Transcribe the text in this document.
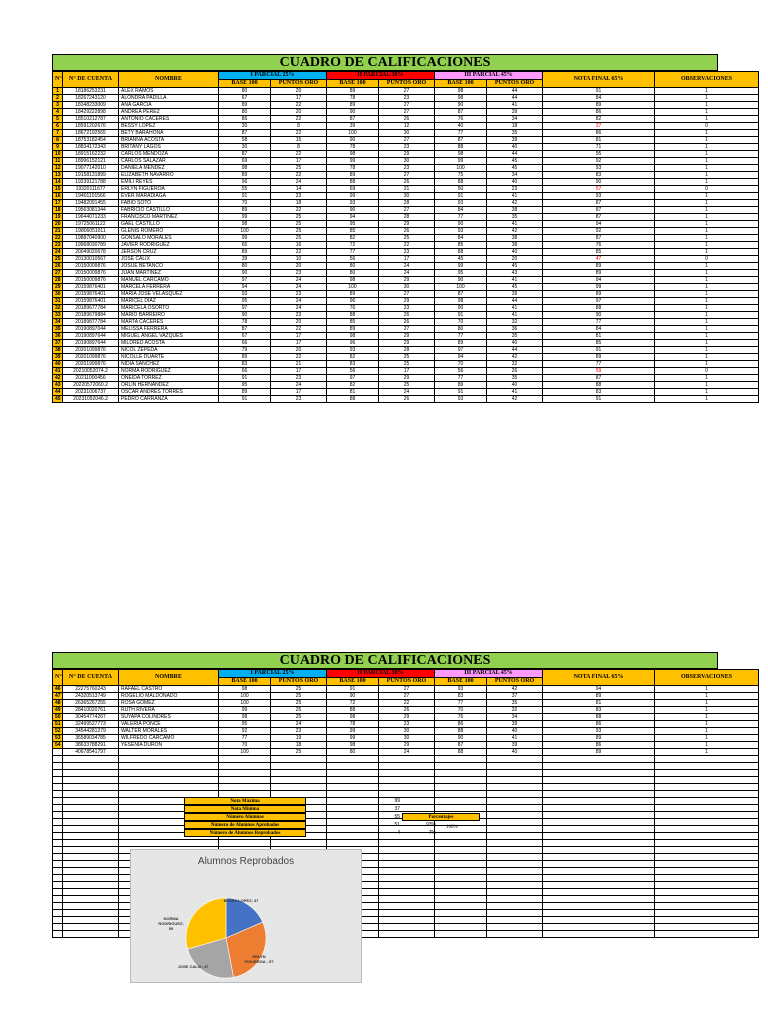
CUADRO DE CALIFICACIONES
N°	N° DE CUENTA	NOMBRE	I PARCIAL 25%		II PARCIAL 30%		III PARCIAL 45%		NOTA FINAL 65%	OBSERVACIONES
			BASE 100	PUNTOS ORO	BASE 100	PUNTOS ORO	BASE 100	PUNTOS ORO		
1	18186253231	ALEX RAMOS	80	20	89	27	98	44	91	1
2	18267243120	ALONDRA PADILLA	67	17	78	23	98	44	84	1
3	18348233009	ANA GARCIA	89	22	89	27	90	41	89	1
4	18429222898	ANDREA PEREZ	80	20	90	27	87	39	86	1
5	18510212787	ANTONIO CACERES	86	22	87	26	76	34	82	1
6	18591202676	BESSY LOPEZ	30	8	39	12	40	18	37	0
7	18672192565	BETY BARAHONA	87	22	100	30	77	35	86	1
8	18753182454	BRIANNA ACOSTA	58	15	90	27	87	39	81	1
9	18834172343	BRITANY LAGOS	30	8	78	23	88	40	71	1
10	18915162232	CARLOS MENDOZA	87	22	98	29	98	44	95	1
11	18996152121	CARLOS SALAZAR	69	17	99	30	99	45	92	1
12	19077142010	DANIELA MENDEZ	98	25	78	23	100	45	93	1
13	19158131899	ELIZABETH NAVARRO	89	22	89	27	75	34	83	1
14	19239121788	EMILI REYES	96	24	88	26	88	40	90	1
15	19320111677	ERLYN FIGUEROA	55	14	69	21	50	23	57	0
16	19401101566	EVER MARADIAGA	91	23	99	30	91	41	93	1
17	19482091455	FABIO SOTO	70	18	93	28	93	42	87	1
18	19563081344	FABRICIO CASTILLO	89	22	90	27	84	38	87	1
19	19644071233	FRANCISCO MARTINEZ	99	25	94	28	77	35	87	1
20	19725061122	GAEL CASTILLO	98	25	95	29	90	41	94	1
21	19806051011	GLENIS ROMERO	100	25	85	26	93	42	92	1
22	19887040900	GONSALO MORALES	99	25	82	25	84	38	87	1
23	19968030789	JAVIER RODRIGUEZ	65	16	72	22	85	38	76	1
24	20049020678	JERSON CRUZ	89	22	77	23	88	40	85	1
25	20130010567	JOSE CALIX	39	10	56	17	45	20	47	0
26	20150009876	JOSUE BETANCO	80	20	80	24	99	45	89	1
27	20150009876	JUAN MARTINEZ	90	23	80	24	95	43	89	1
28	20150009876	MANUEL CARCAMO	97	24	98	29	90	41	94	1
29	20159876401	MARCELA FERRERA	94	24	100	30	100	45	99	1
30	20159876401	MARIA JOSE VELASQUEZ	93	23	89	27	87	39	89	1
31	20159876401	MARICEL DIAZ	95	24	96	29	98	44	97	1
32	20189677784	MARICELA OSORTO	97	24	76	23	90	41	88	1
33	20189679884	MARIO BARREIRO	90	23	88	26	91	41	90	1
34	20189877784	MARTA CACERES	78	20	85	26	70	32	77	1
35	20190897044	MELISSA FERRERA	87	22	89	27	80	36	84	1
36	20190897644	MIGUEL ANGEL VAZQUES	67	17	98	29	77	35	81	1
37	20190897644	MILDRED ACOSTA	66	17	96	29	89	40	85	1
38	20201099876	NICOL ZEPEDA	79	20	93	28	97	44	91	1
39	20201099876	NICOLLE DUARTE	89	22	82	25	94	42	89	1
40	20201999876	NIDIA SANCHEZ	83	21	83	25	70	32	77	1
41	20210052074.2	NORMA RODRIGUEZ	66	17	56	17	56	26	59	0
42	20211000456	ONEIDA TORREZ	91	23	97	29	77	35	87	1
43	20220572060.2	ORLIN HERNANDEZ	95	24	82	25	89	40	88	1
44	20231006737	OSCAR ANDRES TORRES	89	17	81	24	91	41	83	1
45	20231092046.2	PEDRO CARRANZA	91	23	88	26	93	42	91	1
CUADRO DE CALIFICACIONES
N°	N° DE CUENTA	NOMBRE	I PARCIAL 25%		II PARCIAL 30%		III PARCIAL 45%		NOTA FINAL 65%	OBSERVACIONES
			BASE 100	PUNTOS ORO	BASE 100	PUNTOS ORO	BASE 100	PUNTOS ORO		
46	22275760243	RAFAEL CASTRO	98	25	91	27	93	42	94	1
47	24320513749	ROGELIO MALDONADO	100	25	90	27	83	37	89	1
48	26365267255	ROSA GOMEZ	100	25	72	22	77	35	81	1
49	28410020761	RUTH RIVERA	99	25	88	26	70	32	83	1
50	30454774267	SUYAPA COLINDRES	98	25	98	29	76	34	88	1
51	32499527773	VALERIA PONCE	95	24	78	23	86	39	86	1
52	34544281279	WALTER MORALES	92	23	99	30	88	40	93	1
53	36589034785	WILFREDO CARCAMO	77	19	99	30	90	41	89	1
54	38633788291	YESENIA DURON	70	18	98	29	87	39	86	1
	40678541797		100	25	80	24	88	40	89	1

Nota Máxima	99
Nota Mínima	37
Número Alumnos	55
Número de Alumnos Aprobados	51
Número de Alumnos Reprobados	4
Porcentajes
93%
7%
100%
Alumnos Reprobados
BESSY LOPEZ; 37
ERLYN FIGUEROA ; 57
JOSE CALIX; 47
NORMA RODRIGUEZ; 59
